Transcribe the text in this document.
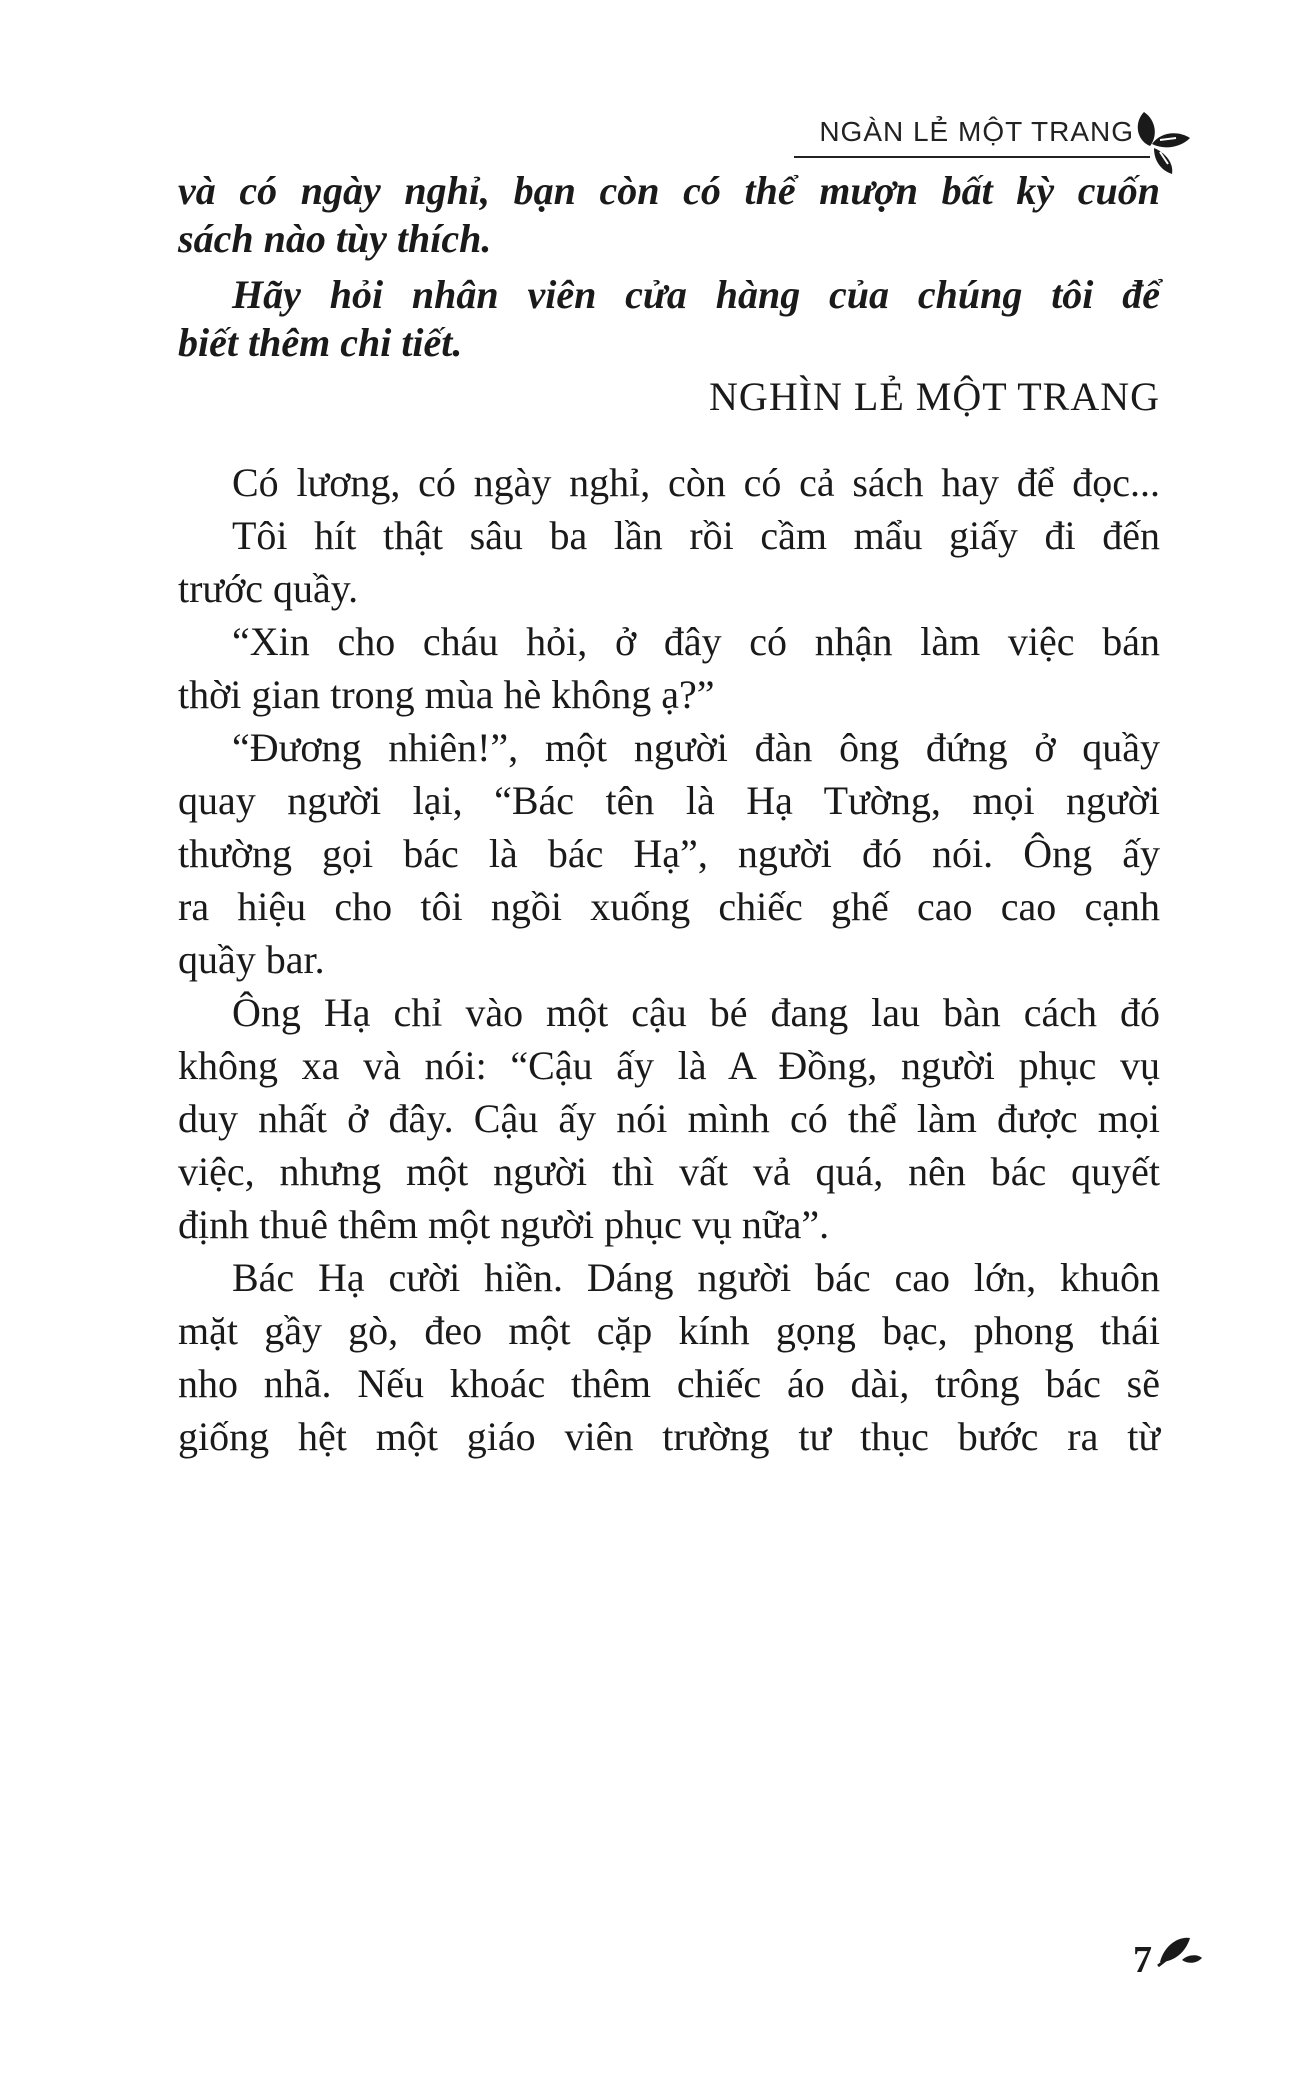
NGÀN LẺ MỘT TRANG

và có ngày nghỉ, bạn còn có thể mượn bất kỳ cuốn

sách nào tùy thích.

Hãy hỏi nhân viên cửa hàng của chúng tôi để

biết thêm chi tiết.

NGHÌN LẺ MỘT TRANG

Có lương, có ngày nghỉ, còn có cả sách hay để đọc...

Tôi hít thật sâu ba lần rồi cầm mẩu giấy đi đến

trước quầy.

“Xin cho cháu hỏi, ở đây có nhận làm việc bán

thời gian trong mùa hè không ạ?”

“Đương nhiên!”, một người đàn ông đứng ở quầy

quay người lại, “Bác tên là Hạ Tường, mọi người

thường gọi bác là bác Hạ”, người đó nói. Ông ấy

ra hiệu cho tôi ngồi xuống chiếc ghế cao cao cạnh

quầy bar.

Ông Hạ chỉ vào một cậu bé đang lau bàn cách đó

không xa và nói: “Cậu ấy là A Đồng, người phục vụ

duy nhất ở đây. Cậu ấy nói mình có thể làm được mọi

việc, nhưng một người thì vất vả quá, nên bác quyết

định thuê thêm một người phục vụ nữa”.

Bác Hạ cười hiền. Dáng người bác cao lớn, khuôn

mặt gầy gò, đeo một cặp kính gọng bạc, phong thái

nho nhã. Nếu khoác thêm chiếc áo dài, trông bác sẽ

giống hệt một giáo viên trường tư thục bước ra từ

7
